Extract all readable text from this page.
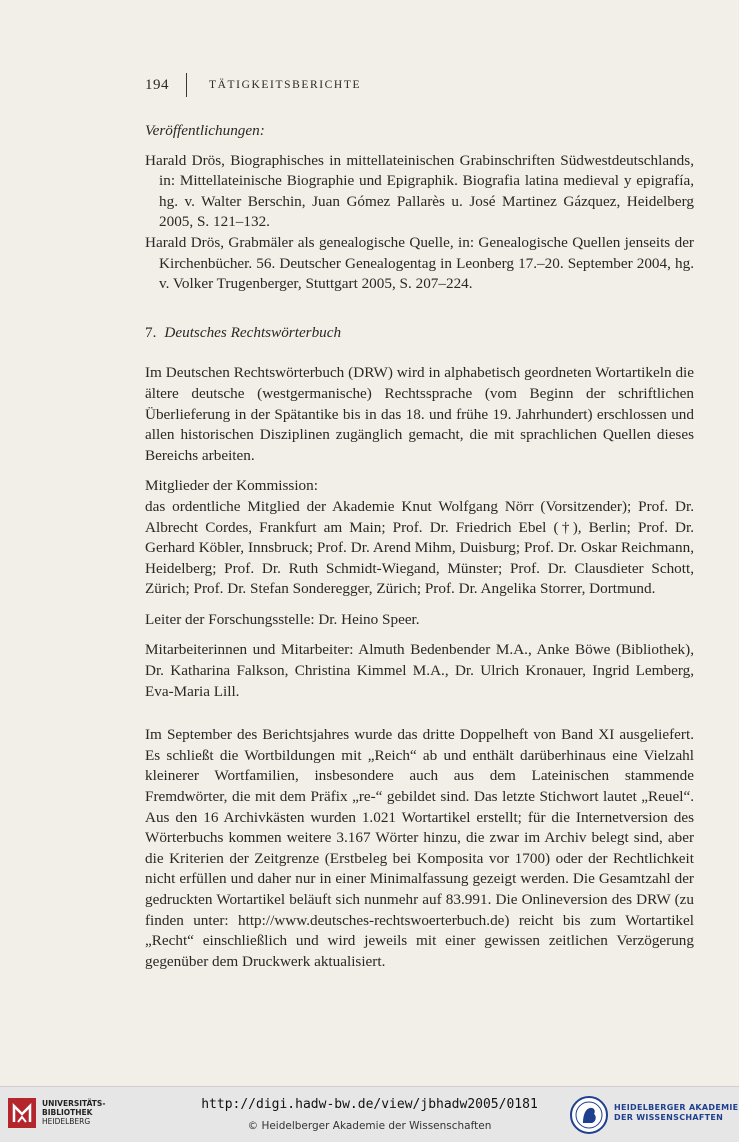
194	TÄTIGKEITSBERICHTE

Veröffentlichungen:

Harald Drös, Biographisches in mittellateinischen Grabinschriften Südwestdeutschlands, in: Mittellateinische Biographie und Epigraphik. Biografia latina medieval y epigrafía, hg. v. Walter Berschin, Juan Gómez Pallarès u. José Martinez Gázquez, Heidelberg 2005, S. 121–132.

Harald Drös, Grabmäler als genealogische Quelle, in: Genealogische Quellen jenseits der Kirchenbücher. 56. Deutscher Genealogentag in Leonberg 17.–20. September 2004, hg. v. Volker Trugenberger, Stuttgart 2005, S. 207–224.

7. Deutsches Rechtswörterbuch

Im Deutschen Rechtswörterbuch (DRW) wird in alphabetisch geordneten Wortartikeln die ältere deutsche (westgermanische) Rechtssprache (vom Beginn der schriftlichen Überlieferung in der Spätantike bis in das 18. und frühe 19. Jahrhundert) erschlossen und allen historischen Disziplinen zugänglich gemacht, die mit sprachlichen Quellen dieses Bereichs arbeiten.

Mitglieder der Kommission:

das ordentliche Mitglied der Akademie Knut Wolfgang Nörr (Vorsitzender); Prof. Dr. Albrecht Cordes, Frankfurt am Main; Prof. Dr. Friedrich Ebel (†), Berlin; Prof. Dr. Gerhard Köbler, Innsbruck; Prof. Dr. Arend Mihm, Duisburg; Prof. Dr. Oskar Reichmann, Heidelberg; Prof. Dr. Ruth Schmidt-Wiegand, Münster; Prof. Dr. Clausdieter Schott, Zürich; Prof. Dr. Stefan Sonderegger, Zürich; Prof. Dr. Angelika Storrer, Dortmund.

Leiter der Forschungsstelle: Dr. Heino Speer.

Mitarbeiterinnen und Mitarbeiter: Almuth Bedenbender M.A., Anke Böwe (Bibliothek), Dr. Katharina Falkson, Christina Kimmel M.A., Dr. Ulrich Kronauer, Ingrid Lemberg, Eva-Maria Lill.

Im September des Berichtsjahres wurde das dritte Doppelheft von Band XI ausgeliefert. Es schließt die Wortbildungen mit „Reich“ ab und enthält darüberhinaus eine Vielzahl kleinerer Wortfamilien, insbesondere auch aus dem Lateinischen stammende Fremdwörter, die mit dem Präfix „re-“ gebildet sind. Das letzte Stichwort lautet „Reuel“. Aus den 16 Archivkästen wurden 1.021 Wortartikel erstellt; für die Internetversion des Wörterbuchs kommen weitere 3.167 Wörter hinzu, die zwar im Archiv belegt sind, aber die Kriterien der Zeitgrenze (Erstbeleg bei Komposita vor 1700) oder der Rechtlichkeit nicht erfüllen und daher nur in einer Minimalfassung gezeigt werden. Die Gesamtzahl der gedruckten Wortartikel beläuft sich nunmehr auf 83.991. Die Onlineversion des DRW (zu finden unter: http://www.deutsches-rechtswoerterbuch.de) reicht bis zum Wortartikel „Recht“ einschließlich und wird jeweils mit einer gewissen zeitlichen Verzögerung gegenüber dem Druckwerk aktualisiert.

UNIVERSITÄTS-
BIBLIOTHEK
HEIDELBERG
http://digi.hadw-bw.de/view/jbhadw2005/0181
© Heidelberger Akademie der Wissenschaften
HEIDELBERGER AKADEMIE
DER WISSENSCHAFTEN
